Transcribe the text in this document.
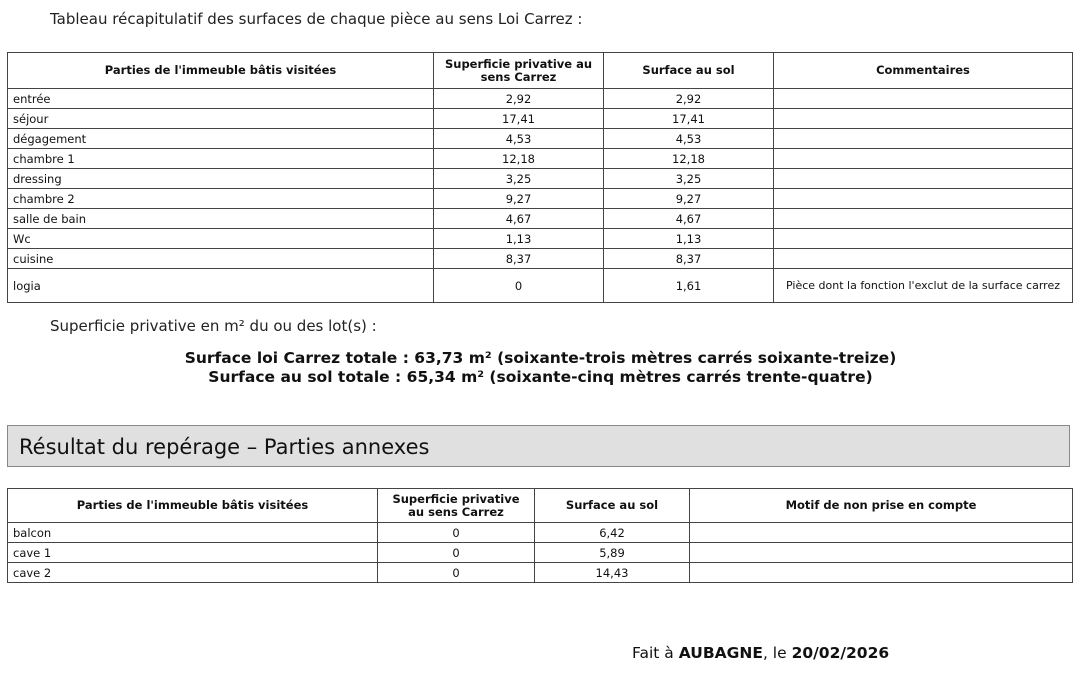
Tableau récapitulatif des surfaces de chaque pièce au sens Loi Carrez :
Parties de l'immeuble bâtis visitées	Superficie privative au sens Carrez	Surface au sol	Commentaires
entrée	2,92	2,92	
séjour	17,41	17,41	
dégagement	4,53	4,53	
chambre 1	12,18	12,18	
dressing	3,25	3,25	
chambre 2	9,27	9,27	
salle de bain	4,67	4,67	
Wc	1,13	1,13	
cuisine	8,37	8,37	
logia	0	1,61	Pièce dont la fonction l'exclut de la surface carrez
Superficie privative en m² du ou des lot(s) :
Surface loi Carrez totale : 63,73 m² (soixante-trois mètres carrés soixante-treize)
Surface au sol totale : 65,34 m² (soixante-cinq mètres carrés trente-quatre)
Résultat du repérage – Parties annexes
Parties de l'immeuble bâtis visitées	Superficie privative au sens Carrez	Surface au sol	Motif de non prise en compte
balcon	0	6,42	
cave 1	0	5,89	
cave 2	0	14,43	
Fait à AUBAGNE, le 20/02/2026
